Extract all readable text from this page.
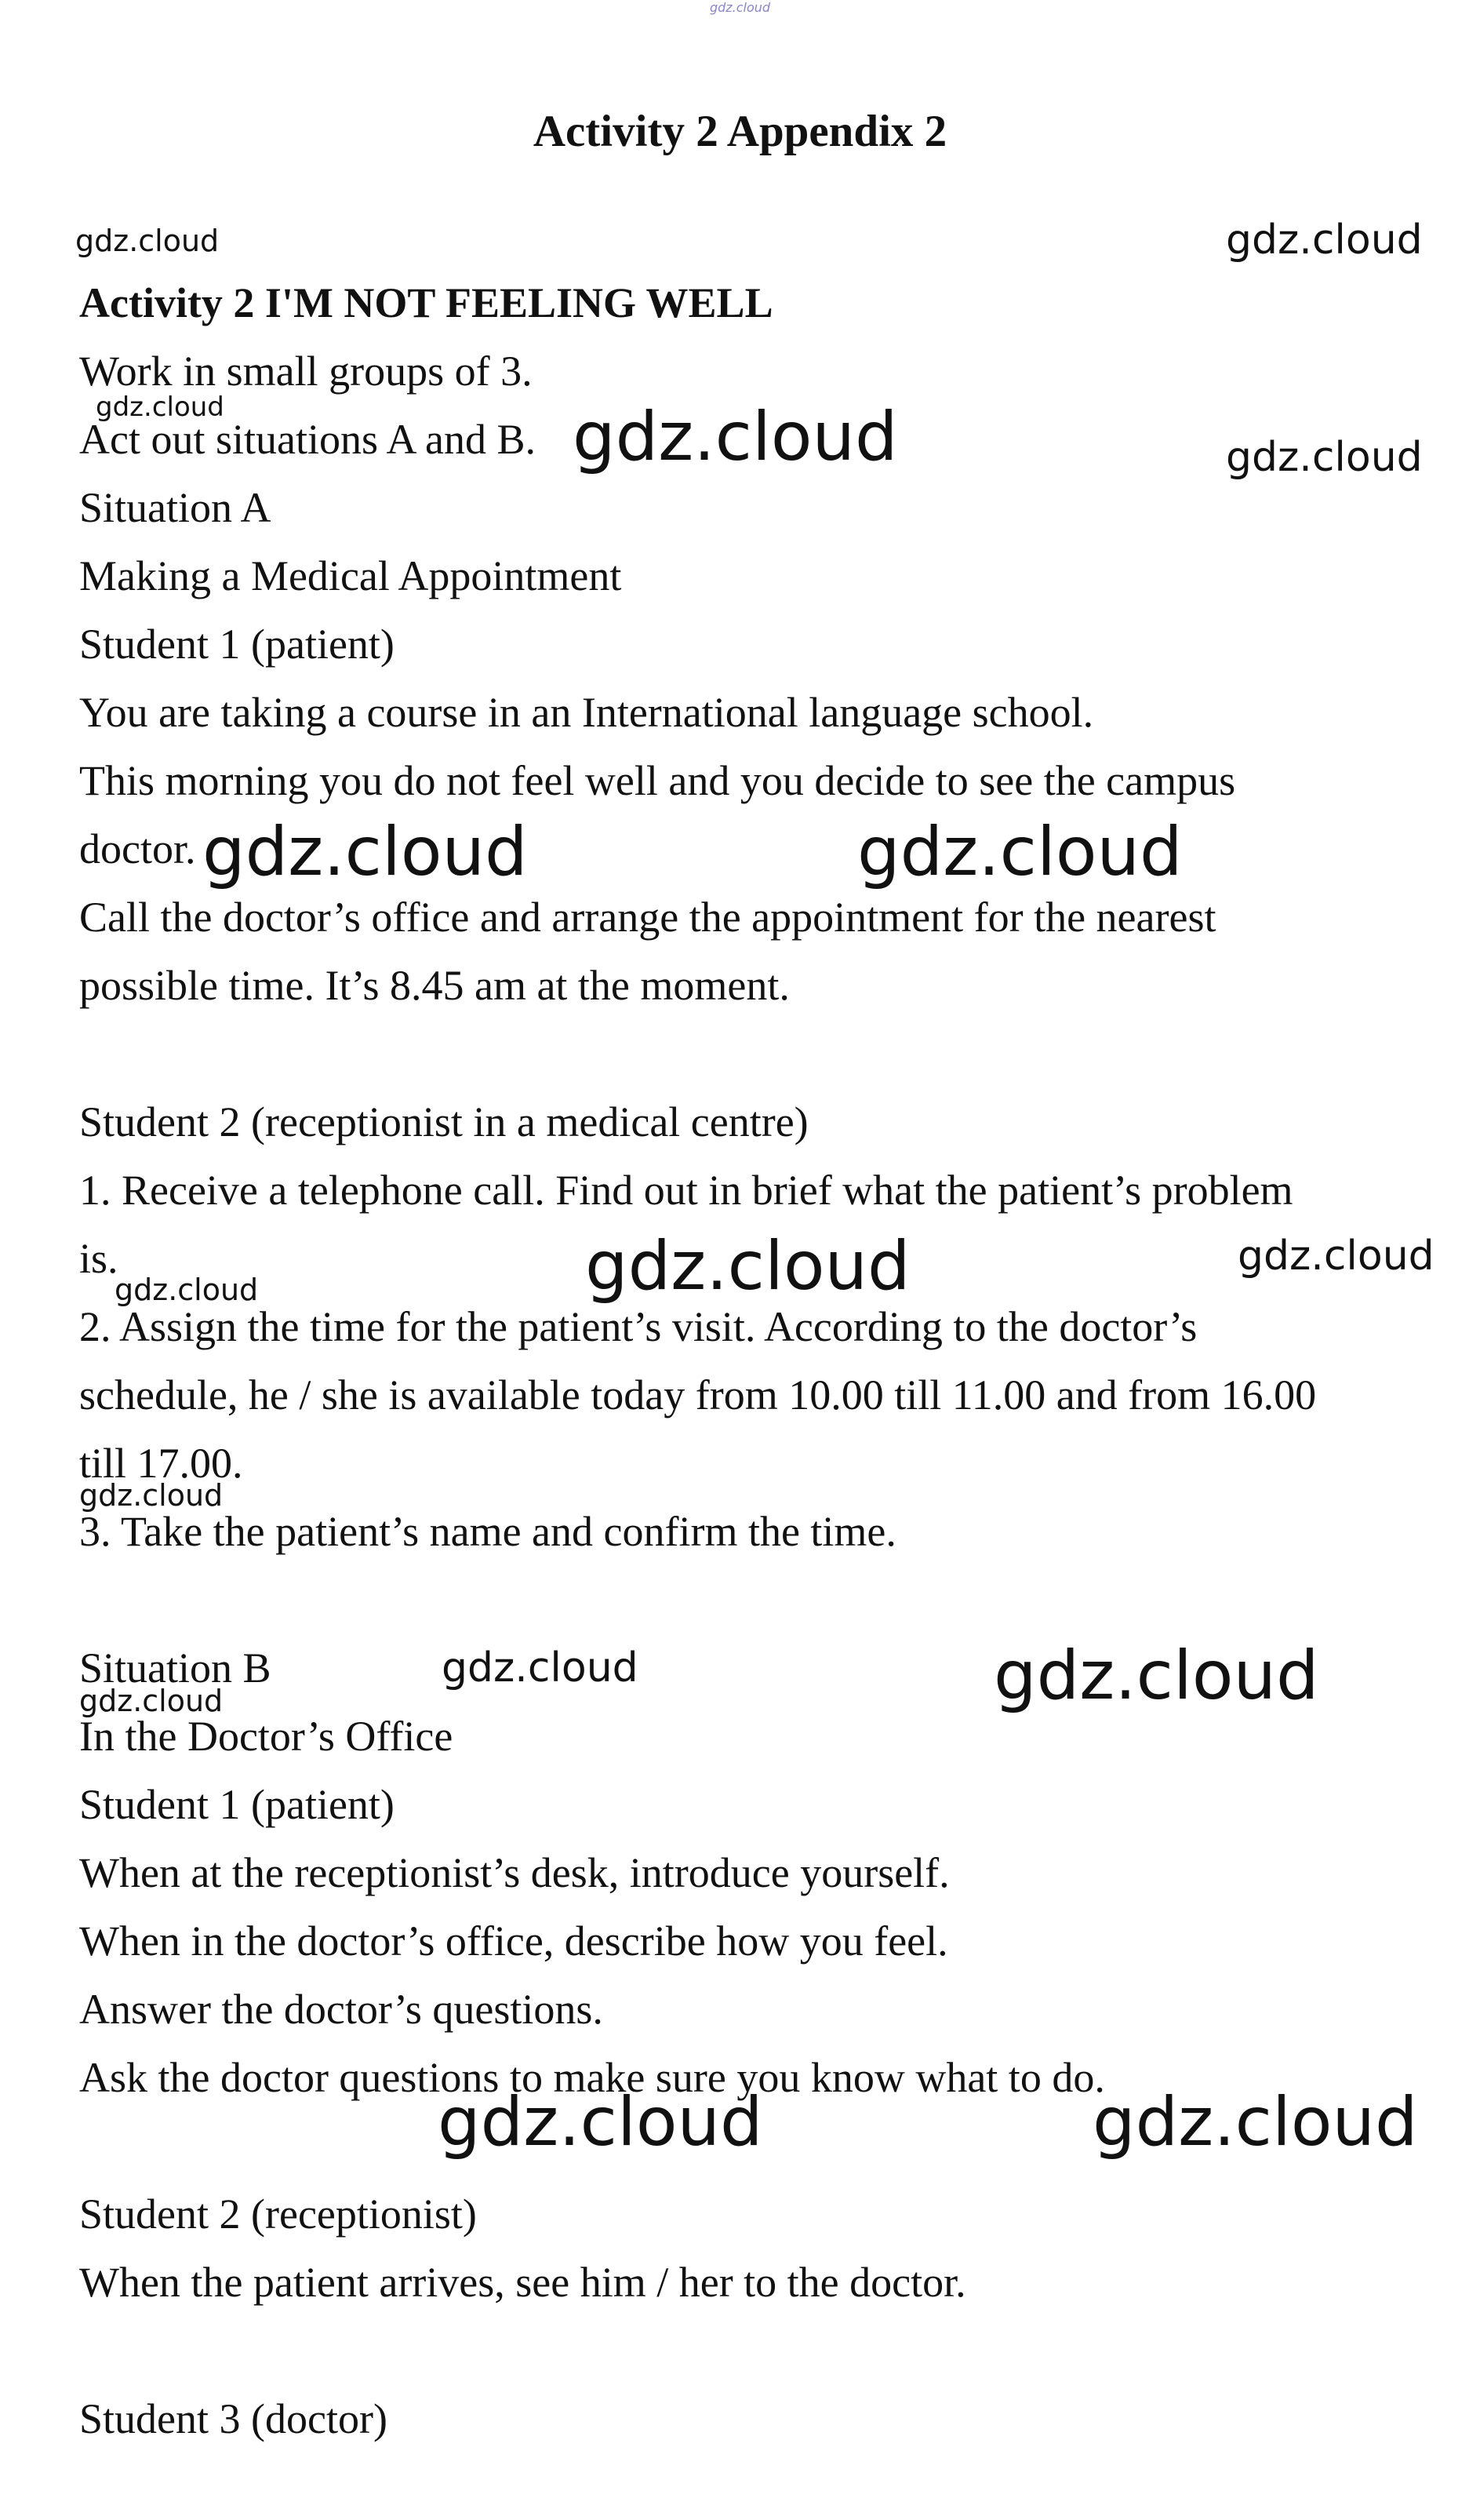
gdz.cloud
Activity 2 Appendix 2
Activity 2 I'M NOT FEELING WELL
Work in small groups of 3.
Act out situations A and B.
Situation A
Making a Medical Appointment
Student 1 (patient)
You are taking a course in an International language school.
This morning you do not feel well and you decide to see the campus
doctor.
Call the doctor’s office and arrange the appointment for the nearest
possible time. It’s 8.45 am at the moment.
Student 2 (receptionist in a medical centre)
1. Receive a telephone call. Find out in brief what the patient’s problem
is.
2. Assign the time for the patient’s visit. According to the doctor’s
schedule, he / she is available today from 10.00 till 11.00 and from 16.00
till 17.00.
3. Take the patient’s name and confirm the time.
Situation B
In the Doctor’s Office
Student 1 (patient)
When at the receptionist’s desk, introduce yourself.
When in the doctor’s office, describe how you feel.
Answer the doctor’s questions.
Ask the doctor questions to make sure you know what to do.
Student 2 (receptionist)
When the patient arrives, see him / her to the doctor.
Student 3 (doctor)
gdz.cloud	gdz.cloud
gdz.cloud	gdz.cloud	gdz.cloud
gdz.cloud	gdz.cloud
gdz.cloud	gdz.cloud
gdz.cloud
gdz.cloud
gdz.cloud	gdz.cloud
gdz.cloud
gdz.cloud	gdz.cloud
